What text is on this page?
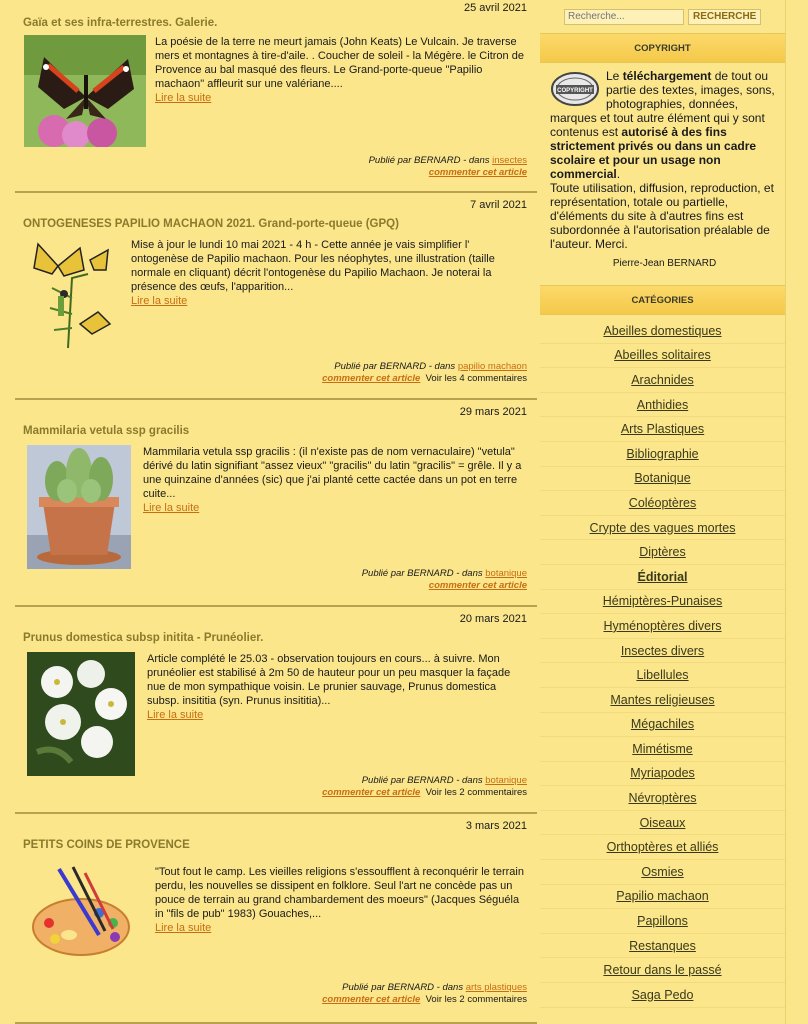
25 avril 2021
Gaïa et ses infra-terrestres. Galerie.
La poésie de la terre ne meurt jamais (John Keats) Le Vulcain. Je traverse mers et montagnes à tire-d'aile. . Coucher de soleil - la Mégère. le Citron de Provence au bal masqué des fleurs. Le Grand-porte-queue "Papilio machaon" affleurit sur une valériane....
Lire la suite
Publié par BERNARD - dans insectes
commenter cet article
7 avril 2021
ONTOGENESES PAPILIO MACHAON 2021. Grand-porte-queue (GPQ)
Mise à jour le lundi 10 mai 2021 - 4 h - Cette année je vais simplifier l' ontogenèse de Papilio machaon. Pour les néophytes, une illustration (taille normale en cliquant) décrit l'ontogenèse du Papilio Machaon. Je noterai la présence des œufs, l'apparition...
Lire la suite
Publié par BERNARD - dans papilio machaon
commenter cet article Voir les 4 commentaires
29 mars 2021
Mammilaria vetula ssp gracilis
Mammilaria vetula ssp gracilis : (il n'existe pas de nom vernaculaire) "vetula" dérivé du latin signifiant "assez vieux" "gracilis" du latin "gracilis" = grêle. Il y a une quinzaine d'années (sic) que j'ai planté cette cactée dans un pot en terre cuite...
Lire la suite
Publié par BERNARD - dans botanique
commenter cet article
20 mars 2021
Prunus domestica subsp initita - Prunéolier.
Article complété le 25.03 - observation toujours en cours... à suivre. Mon prunéolier est stabilisé à 2m 50 de hauteur pour un peu masquer la façade nue de mon sympathique voisin. Le prunier sauvage, Prunus domestica subsp. insititia (syn. Prunus insititia)...
Lire la suite
Publié par BERNARD - dans botanique
commenter cet article Voir les 2 commentaires
3 mars 2021
PETITS COINS DE PROVENCE
"Tout fout le camp. Les vieilles religions s'essoufflent à reconquérir le terrain perdu, les nouvelles se dissipent en folklore. Seul l'art ne concède pas un pouce de terrain au grand chambardement des moeurs" (Jacques Séguéla in "fils de pub" 1983) Gouaches,...
Lire la suite
Publié par BERNARD - dans arts plastiques
commenter cet article Voir les 2 commentaires
Recherche...
RECHERCHE
COPYRIGHT
COPYRIGHT
Le téléchargement de tout ou partie des textes, images, sons, photographies, données, marques et tout autre élément qui y sont contenus est autorisé à des fins strictement privés ou dans un cadre scolaire et pour un usage non commercial.
Toute utilisation, diffusion, reproduction, et représentation, totale ou partielle, d'éléments du site à d'autres fins est subordonnée à l'autorisation préalable de l'auteur. Merci.
Pierre-Jean BERNARD
CATÉGORIES
Abeilles domestiques
Abeilles solitaires
Arachnides
Anthidies
Arts Plastiques
Bibliographie
Botanique
Coléoptères
Crypte des vagues mortes
Diptères
Éditorial
Hémiptères-Punaises
Hyménoptères divers
Insectes divers
Libellules
Mantes religieuses
Mégachiles
Mimétisme
Myriapodes
Névroptères
Oiseaux
Orthoptères et alliés
Osmies
Papilio machaon
Papillons
Restanques
Retour dans le passé
Saga Pedo
